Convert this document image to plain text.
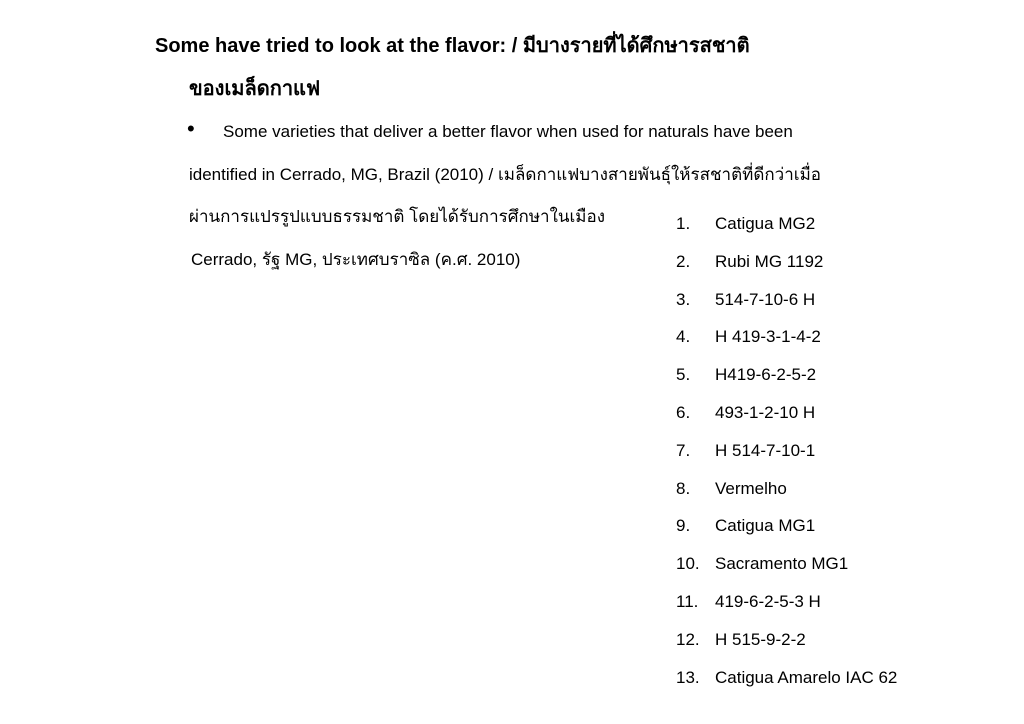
Some have tried to look at the flavor: / มีบางรายที่ได้ศึกษารสชาติ
ของเมล็ดกาแฟ
• Some varieties that deliver a better flavor when used for naturals have been
identified in Cerrado, MG, Brazil (2010) / เมล็ดกาแฟบางสายพันธุ์ให้รสชาติที่ดีกว่าเมื่อ
ผ่านการแปรรูปแบบธรรมชาติ โดยได้รับการศึกษาในเมือง
Cerrado, รัฐ MG, ประเทศบราซิล (ค.ศ. 2010)
1.	Catigua MG2
2.	Rubi MG 1192
3.	514-7-10-6 H
4.	H 419-3-1-4-2
5.	H419-6-2-5-2
6.	493-1-2-10 H
7.	H 514-7-10-1
8.	Vermelho
9.	Catigua MG1
10. Sacramento MG1
11. 419-6-2-5-3 H
12. H 515-9-2-2
13. Catigua Amarelo IAC 62
